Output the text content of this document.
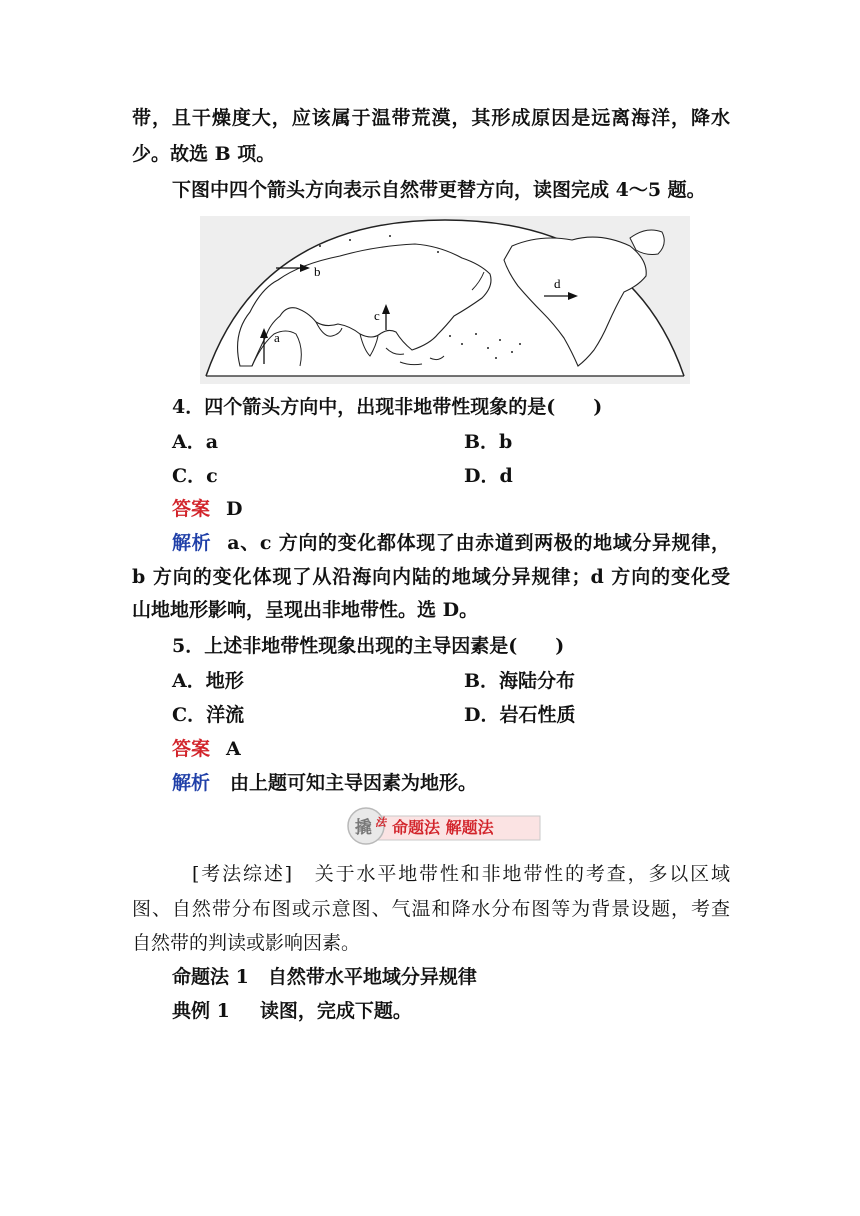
带，且干燥度大，应该属于温带荒漠，其形成原因是远离海洋，降水
少。故选 B 项。
下图中四个箭头方向表示自然带更替方向，读图完成 4～5 题。
a
b
c
d
4．四个箭头方向中，出现非地带性现象的是(　　)
A．a	B．b
C．c	D．d
答案 D
解析 a、c 方向的变化都体现了由赤道到两极的地域分异规律，
b 方向的变化体现了从沿海向内陆的地域分异规律；d 方向的变化受
山地地形影响，呈现出非地带性。选 D。
5．上述非地带性现象出现的主导因素是(　　)
A．地形	B．海陆分布
C．洋流	D．岩石性质
答案 A
解析 由上题可知主导因素为地形。
撬 法 命题法 解题法
[考法综述]　关于水平地带性和非地带性的考查，多以区域
图、自然带分布图或示意图、气温和降水分布图等为背景设题，考查
自然带的判读或影响因素。
命题法 1　自然带水平地域分异规律
典例 1 读图，完成下题。
